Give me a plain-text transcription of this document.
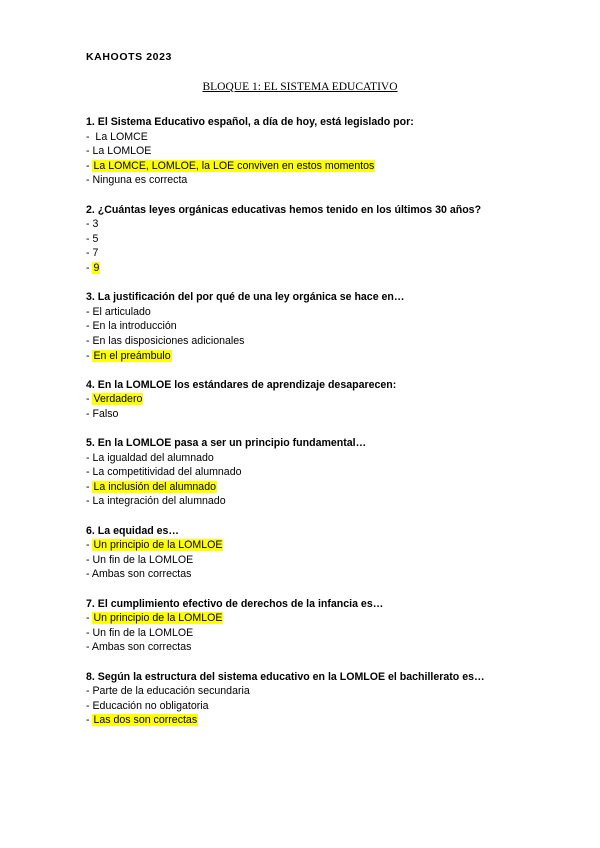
KAHOOTS 2023
BLOQUE 1: EL SISTEMA EDUCATIVO
1. El Sistema Educativo español, a día de hoy, está legislado por:
-  La LOMCE
- La LOMLOE
- La LOMCE, LOMLOE, la LOE conviven en estos momentos
- Ninguna es correcta
2. ¿Cuántas leyes orgánicas educativas hemos tenido en los últimos 30 años?
- 3
- 5
- 7
- 9
3. La justificación del por qué de una ley orgánica se hace en…
- El articulado
- En la introducción
- En las disposiciones adicionales
- En el preámbulo
4. En la LOMLOE los estándares de aprendizaje desaparecen:
- Verdadero
- Falso
5. En la LOMLOE pasa a ser un principio fundamental…
- La igualdad del alumnado
- La competitividad del alumnado
- La inclusión del alumnado
- La integración del alumnado
6. La equidad es…
- Un principio de la LOMLOE
- Un fin de la LOMLOE
- Ambas son correctas
7. El cumplimiento efectivo de derechos de la infancia es…
- Un principio de la LOMLOE
- Un fin de la LOMLOE
- Ambas son correctas
8. Según la estructura del sistema educativo en la LOMLOE el bachillerato es…
- Parte de la educación secundaria
- Educación no obligatoria
- Las dos son correctas
